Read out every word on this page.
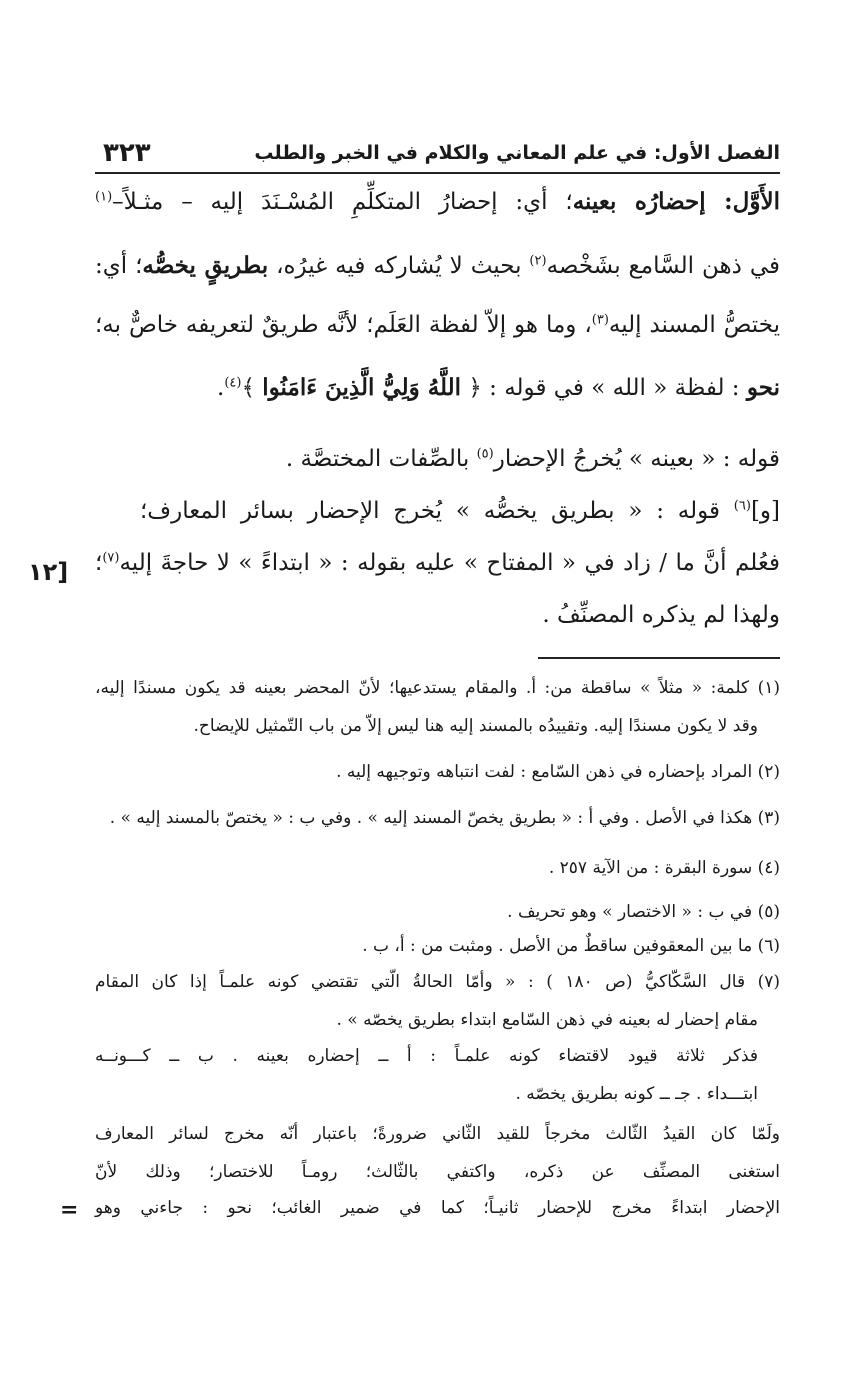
الفصل الأول: في علم المعاني والكلام في الخبر والطلب
٣٢٣
[١٢
الأَوَّل: إحضارُه بعينه؛ أي: إحضارُ المتكلِّمِ المُسْـنَدَ إليه – مثـلاً–$^{(١)}$
في ذهن السَّامع بشَخْصه$^{(٢)}$ بحيث لا يُشاركه فيه غيرُه، بطريقٍ يخصُّه؛ أي:
يختصُّ المسند إليه$^{(٣)}$، وما هو إلاّ لفظة العَلَم؛ لأنَّه طريقٌ لتعريفه خاصٌّ به؛
نحو : لفظة « الله » في قوله : ﴿ اللَّهُ وَلِيُّ الَّذِينَ ءَامَنُوا ﴾$^{(٤)}$.
قوله : « بعينه » يُخرجُ الإحضار$^{(٥)}$ بالصِّفات المختصَّة .
[و]$^{(٦)}$ قوله : « بطريق يخصُّه » يُخرج الإحضار بسائر المعارف؛
فعُلم أنَّ ما / زاد في « المفتاح » عليه بقوله : « ابتداءً » لا حاجةَ إليه$^{(٧)}$؛
ولهذا لم يذكره المصنِّفُ .
(١) كلمة: « مثلاً » ساقطة من: أ. والمقام يستدعيها؛ لأنّ المحضر بعينه قد يكون مسندًا إليه،
وقد لا يكون مسندًا إليه. وتقييدُه بالمسند إليه هنا ليس إلاّ من باب التّمثيل للإيضاح.
(٢) المراد بإحضاره في ذهن السّامع : لفت انتباهه وتوجيهه إليه .
(٣) هكذا في الأصل . وفي أ : « بطريق يخصّ المسند إليه » . وفي ب : « يختصّ بالمسند إليه » .
(٤) سورة البقرة : من الآية ٢٥٧ .
(٥) في ب : « الاختصار » وهو تحريف .
(٦) ما بين المعقوفين ساقطٌ من الأصل . ومثبت من : أ، ب .
(٧) قال السَّكّاكيُّ (ص ١٨٠ ) : « وأمّا الحالةُ الّتي تقتضي كونه علمـاً إذا كان المقام
مقام إحضار له بعينه في ذهن السّامع ابتداء بطريق يخصّه » .
فذكر ثلاثة قيود لاقتضاء كونه علمـاً : أ ــ إحضاره بعينه . ب ــ كـــونــه
ابتـــداء . جـ ــ كونه بطريق يخصّه .
ولَمّا كان القيدُ الثّالث مخرجاً للقيد الثّاني ضرورةً؛ باعتبار أنّه مخرج لسائر المعارف
استغنى المصنِّف عن ذكره، واكتفي بالثّالث؛ رومـاً للاختصار؛ وذلك لأنّ
الإحضار ابتداءً مخرج للإحضار ثانيـاً؛ كما في ضمير الغائب؛ نحو : جاءني وهو
=
